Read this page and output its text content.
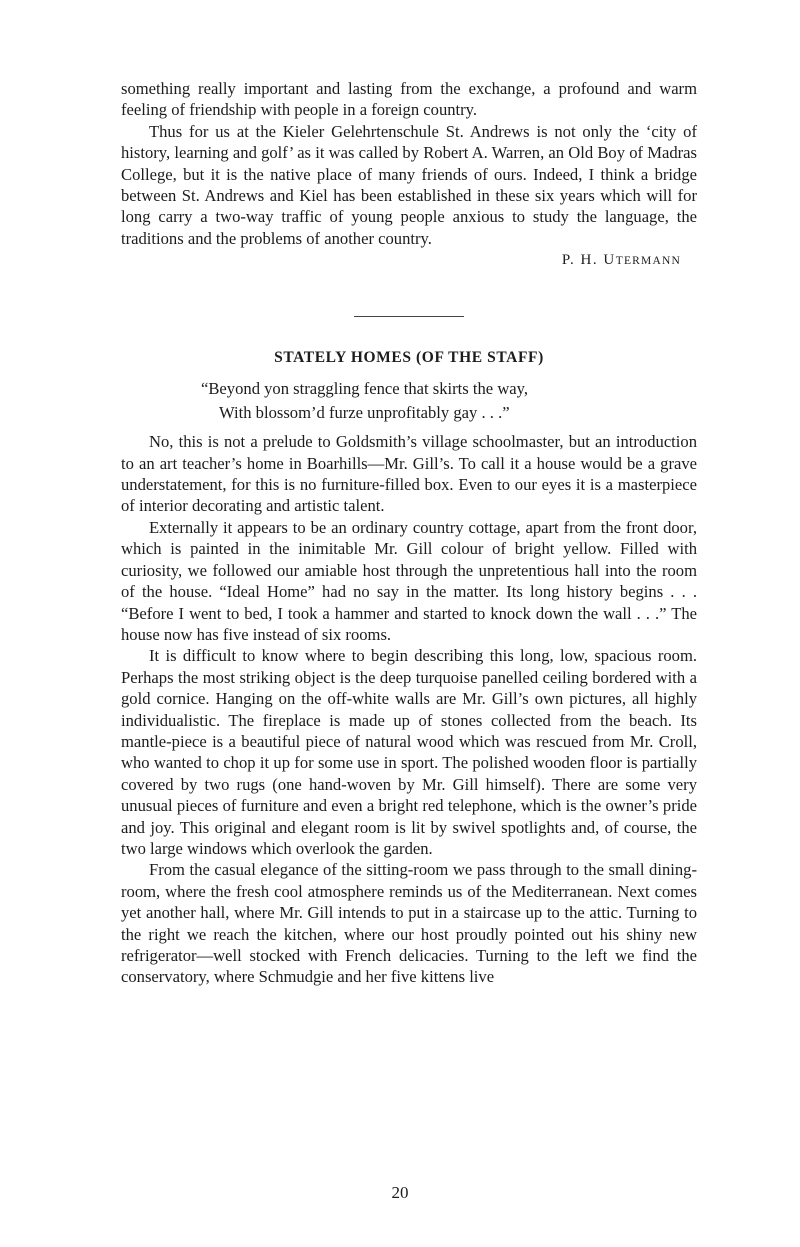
something really important and lasting from the exchange, a profound and warm feeling of friendship with people in a foreign country.

Thus for us at the Kieler Gelehrtenschule St. Andrews is not only the ‘city of history, learning and golf’ as it was called by Robert A. Warren, an Old Boy of Madras College, but it is the native place of many friends of ours. Indeed, I think a bridge between St. Andrews and Kiel has been established in these six years which will for long carry a two-way traffic of young people anxious to study the language, the traditions and the problems of another country.

P. H. UTERMANN

STATELY HOMES (OF THE STAFF)
“Beyond yon straggling fence that skirts the way,
With blossom’d furze unprofitably gay . . .”

No, this is not a prelude to Goldsmith’s village schoolmaster, but an introduction to an art teacher’s home in Boarhills—Mr. Gill’s. To call it a house would be a grave understatement, for this is no furniture-filled box. Even to our eyes it is a masterpiece of interior decorating and artistic talent.

Externally it appears to be an ordinary country cottage, apart from the front door, which is painted in the inimitable Mr. Gill colour of bright yellow. Filled with curiosity, we followed our amiable host through the unpretentious hall into the room of the house. “Ideal Home” had no say in the matter. Its long history begins . . . “Before I went to bed, I took a hammer and started to knock down the wall . . .” The house now has five instead of six rooms.

It is difficult to know where to begin describing this long, low, spacious room. Perhaps the most striking object is the deep turquoise panelled ceiling bordered with a gold cornice. Hanging on the off-white walls are Mr. Gill’s own pictures, all highly individualistic. The fireplace is made up of stones collected from the beach. Its mantle-piece is a beautiful piece of natural wood which was rescued from Mr. Croll, who wanted to chop it up for some use in sport. The polished wooden floor is partially covered by two rugs (one hand-woven by Mr. Gill himself). There are some very unusual pieces of furniture and even a bright red telephone, which is the owner’s pride and joy. This original and elegant room is lit by swivel spotlights and, of course, the two large windows which overlook the garden.

From the casual elegance of the sitting-room we pass through to the small dining-room, where the fresh cool atmosphere reminds us of the Mediterranean. Next comes yet another hall, where Mr. Gill intends to put in a staircase up to the attic. Turning to the right we reach the kitchen, where our host proudly pointed out his shiny new refrigerator—well stocked with French delicacies. Turning to the left we find the conservatory, where Schmudgie and her five kittens live

20
